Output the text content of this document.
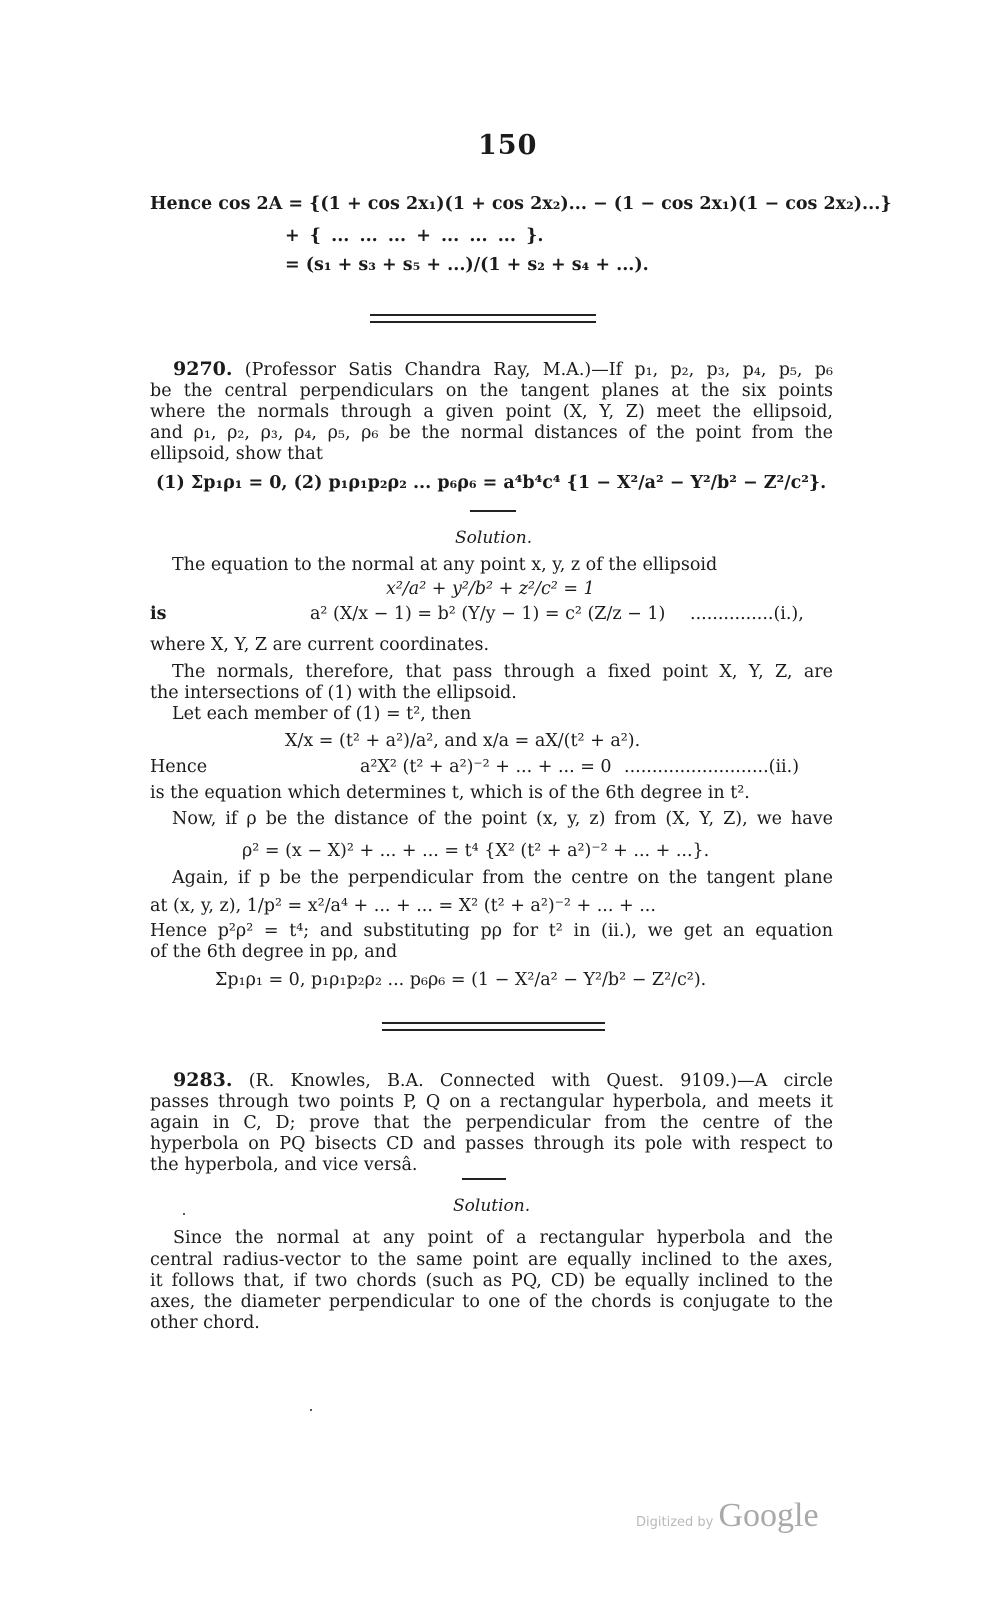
150
Hence cos 2A = {(1 + cos 2x₁)(1 + cos 2x₂)... − (1 − cos 2x₁)(1 − cos 2x₂)...}
+ { ... ... ... + ... ... ... }.
= (s₁ + s₃ + s₅ + ...)/(1 + s₂ + s₄ + ...).
9270. (Professor Satis Chandra Ray, M.A.)—If p₁, p₂, p₃, p₄, p₅, p₆
be the central perpendiculars on the tangent planes at the six points
where the normals through a given point (X, Y, Z) meet the ellipsoid,
and ρ₁, ρ₂, ρ₃, ρ₄, ρ₅, ρ₆ be the normal distances of the point from the
ellipsoid, show that
(1) Σp₁ρ₁ = 0, (2) p₁ρ₁p₂ρ₂ ... p₆ρ₆ = a⁴b⁴c⁴ {1 − X²/a² − Y²/b² − Z²/c²}.
Solution.
The equation to the normal at any point x, y, z of the ellipsoid
x²/a² + y²/b² + z²/c² = 1
is	a² (X/x − 1) = b² (Y/y − 1) = c² (Z/z − 1) ...............(i.),
where X, Y, Z are current coordinates.
The normals, therefore, that pass through a fixed point X, Y, Z, are
the intersections of (1) with the ellipsoid.
Let each member of (1) = t², then
X/x = (t² + a²)/a², and x/a = aX/(t² + a²).
Hence	a²X² (t² + a²)⁻² + ... + ... = 0 ..........................(ii.)
is the equation which determines t, which is of the 6th degree in t².
Now, if ρ be the distance of the point (x, y, z) from (X, Y, Z), we have
ρ² = (x − X)² + ... + ... = t⁴ {X² (t² + a²)⁻² + ... + ...}.
Again, if p be the perpendicular from the centre on the tangent plane
at (x, y, z), 1/p² = x²/a⁴ + ... + ... = X² (t² + a²)⁻² + ... + ...
Hence p²ρ² = t⁴; and substituting pρ for t² in (ii.), we get an equation
of the 6th degree in pρ, and
Σp₁ρ₁ = 0, p₁ρ₁p₂ρ₂ ... p₆ρ₆ = (1 − X²/a² − Y²/b² − Z²/c²).
9283. (R. Knowles, B.A. Connected with Quest. 9109.)—A circle
passes through two points P, Q on a rectangular hyperbola, and meets it
again in C, D; prove that the perpendicular from the centre of the
hyperbola on PQ bisects CD and passes through its pole with respect to
the hyperbola, and vice versâ.
Solution.
Since the normal at any point of a rectangular hyperbola and the
central radius-vector to the same point are equally inclined to the axes,
it follows that, if two chords (such as PQ, CD) be equally inclined to the
axes, the diameter perpendicular to one of the chords is conjugate to the
other chord.
Digitized by Google
